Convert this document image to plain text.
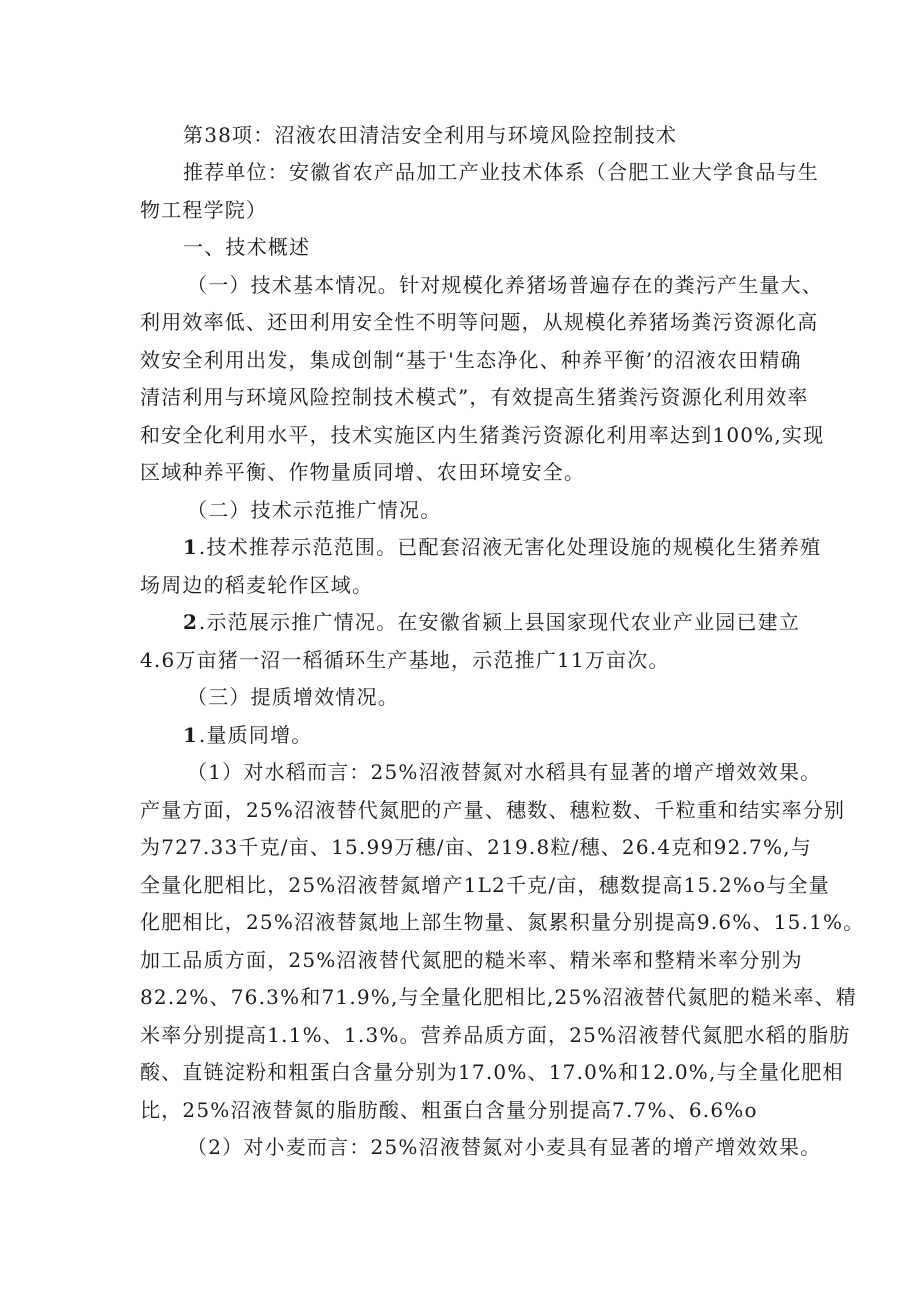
第38项：沼液农田清洁安全利用与环境风险控制技术
推荐单位：安徽省农产品加工产业技术体系（合肥工业大学食品与生
物工程学院）
一、技术概述
（一）技术基本情况。针对规模化养猪场普遍存在的粪污产生量大、
利用效率低、还田利用安全性不明等问题，从规模化养猪场粪污资源化高
效安全利用出发，集成创制“基于'生态净化、种养平衡’的沼液农田精确
清洁利用与环境风险控制技术模式”，有效提高生猪粪污资源化利用效率
和安全化利用水平，技术实施区内生猪粪污资源化利用率达到100%,实现
区域种养平衡、作物量质同增、农田环境安全。
（二）技术示范推广情况。
1 .技术推荐示范范围。已配套沼液无害化处理设施的规模化生猪养殖
场周边的稻麦轮作区域。
2 .示范展示推广情况。在安徽省颍上县国家现代农业产业园已建立
4.6万亩猪一沼一稻循环生产基地，示范推广11万亩次。
（三）提质增效情况。
1 .量质同增。
（1）对水稻而言：25%沼液替氮对水稻具有显著的增产增效效果。
产量方面，25%沼液替代氮肥的产量、穗数、穗粒数、千粒重和结实率分别
为727.33千克/亩、15.99万穗/亩、219.8粒/穗、26.4克和92.7%,与
全量化肥相比，25%沼液替氮增产1L2千克/亩，穗数提高15.2%o与全量
化肥相比，25%沼液替氮地上部生物量、氮累积量分别提高9.6%、15.1%。
加工品质方面，25%沼液替代氮肥的糙米率、精米率和整精米率分别为
82.2%、76.3%和71.9%,与全量化肥相比,25%沼液替代氮肥的糙米率、精
米率分别提高1.1%、1.3%。营养品质方面，25%沼液替代氮肥水稻的脂肪
酸、直链淀粉和粗蛋白含量分别为17.0%、17.0%和12.0%,与全量化肥相
比，25%沼液替氮的脂肪酸、粗蛋白含量分别提高7.7%、6.6%o
（2）对小麦而言：25%沼液替氮对小麦具有显著的增产增效效果。
